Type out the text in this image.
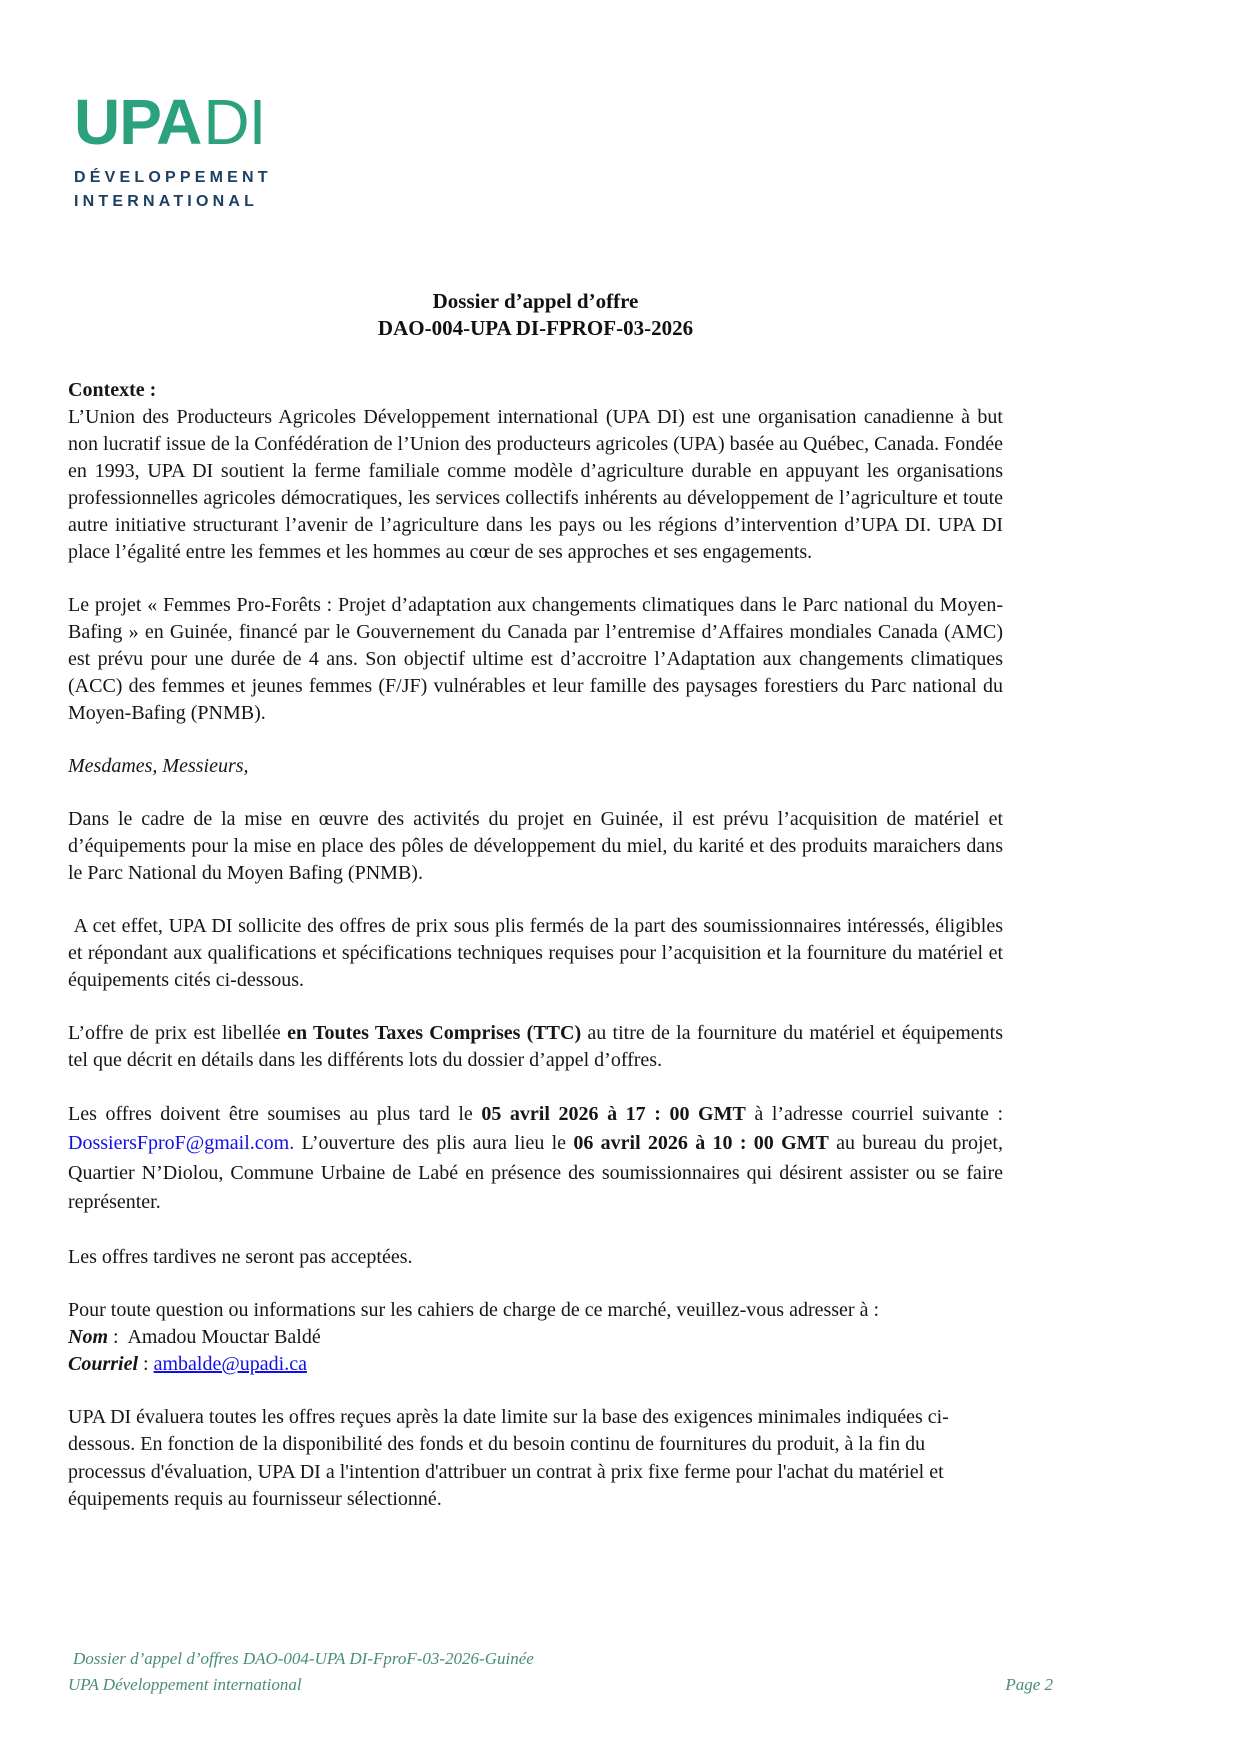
UPADI
DÉVELOPPEMENT
INTERNATIONAL
Dossier d’appel d’offre
DAO-004-UPA DI-FPROF-03-2026

Contexte :

L’Union des Producteurs Agricoles Développement international (UPA DI) est une organisation canadienne à but non lucratif issue de la Confédération de l’Union des producteurs agricoles (UPA) basée au Québec, Canada. Fondée en 1993, UPA DI soutient la ferme familiale comme modèle d’agriculture durable en appuyant les organisations professionnelles agricoles démocratiques, les services collectifs inhérents au développement de l’agriculture et toute autre initiative structurant l’avenir de l’agriculture dans les pays ou les régions d’intervention d’UPA DI. UPA DI place l’égalité entre les femmes et les hommes au cœur de ses approches et ses engagements.

Le projet « Femmes Pro-Forêts : Projet d’adaptation aux changements climatiques dans le Parc national du Moyen-Bafing » en Guinée, financé par le Gouvernement du Canada par l’entremise d’Affaires mondiales Canada (AMC) est prévu pour une durée de 4 ans. Son objectif ultime est d’accroitre l’Adaptation aux changements climatiques (ACC) des femmes et jeunes femmes (F/JF) vulnérables et leur famille des paysages forestiers du Parc national du Moyen-Bafing (PNMB).

Mesdames, Messieurs,

Dans le cadre de la mise en œuvre des activités du projet en Guinée, il est prévu l’acquisition de matériel et d’équipements pour la mise en place des pôles de développement du miel, du karité et des produits maraichers dans le Parc National du Moyen Bafing (PNMB).

A cet effet, UPA DI sollicite des offres de prix sous plis fermés de la part des soumissionnaires intéressés, éligibles et répondant aux qualifications et spécifications techniques requises pour l’acquisition et la fourniture du matériel et équipements cités ci-dessous.

L’offre de prix est libellée en Toutes Taxes Comprises (TTC) au titre de la fourniture du matériel et équipements tel que décrit en détails dans les différents lots du dossier d’appel d’offres.

Les offres doivent être soumises au plus tard le 05 avril 2026 à 17 : 00 GMT à l’adresse courriel suivante : DossiersFproF@gmail.com. L’ouverture des plis aura lieu le 06 avril 2026 à 10 : 00 GMT au bureau du projet, Quartier N’Diolou, Commune Urbaine de Labé en présence des soumissionnaires qui désirent assister ou se faire représenter.

Les offres tardives ne seront pas acceptées.

Pour toute question ou informations sur les cahiers de charge de ce marché, veuillez-vous adresser à :

Nom :  Amadou Mouctar Baldé

Courriel : ambalde@upadi.ca

UPA DI évaluera toutes les offres reçues après la date limite sur la base des exigences minimales indiquées ci-dessous. En fonction de la disponibilité des fonds et du besoin continu de fournitures du produit, à la fin du processus d'évaluation, UPA DI a l'intention d'attribuer un contrat à prix fixe ferme pour l'achat du matériel et équipements requis au fournisseur sélectionné.

Dossier d’appel d’offres DAO-004-UPA DI-FproF-03-2026-Guinée
UPA Développement international	Page 2
